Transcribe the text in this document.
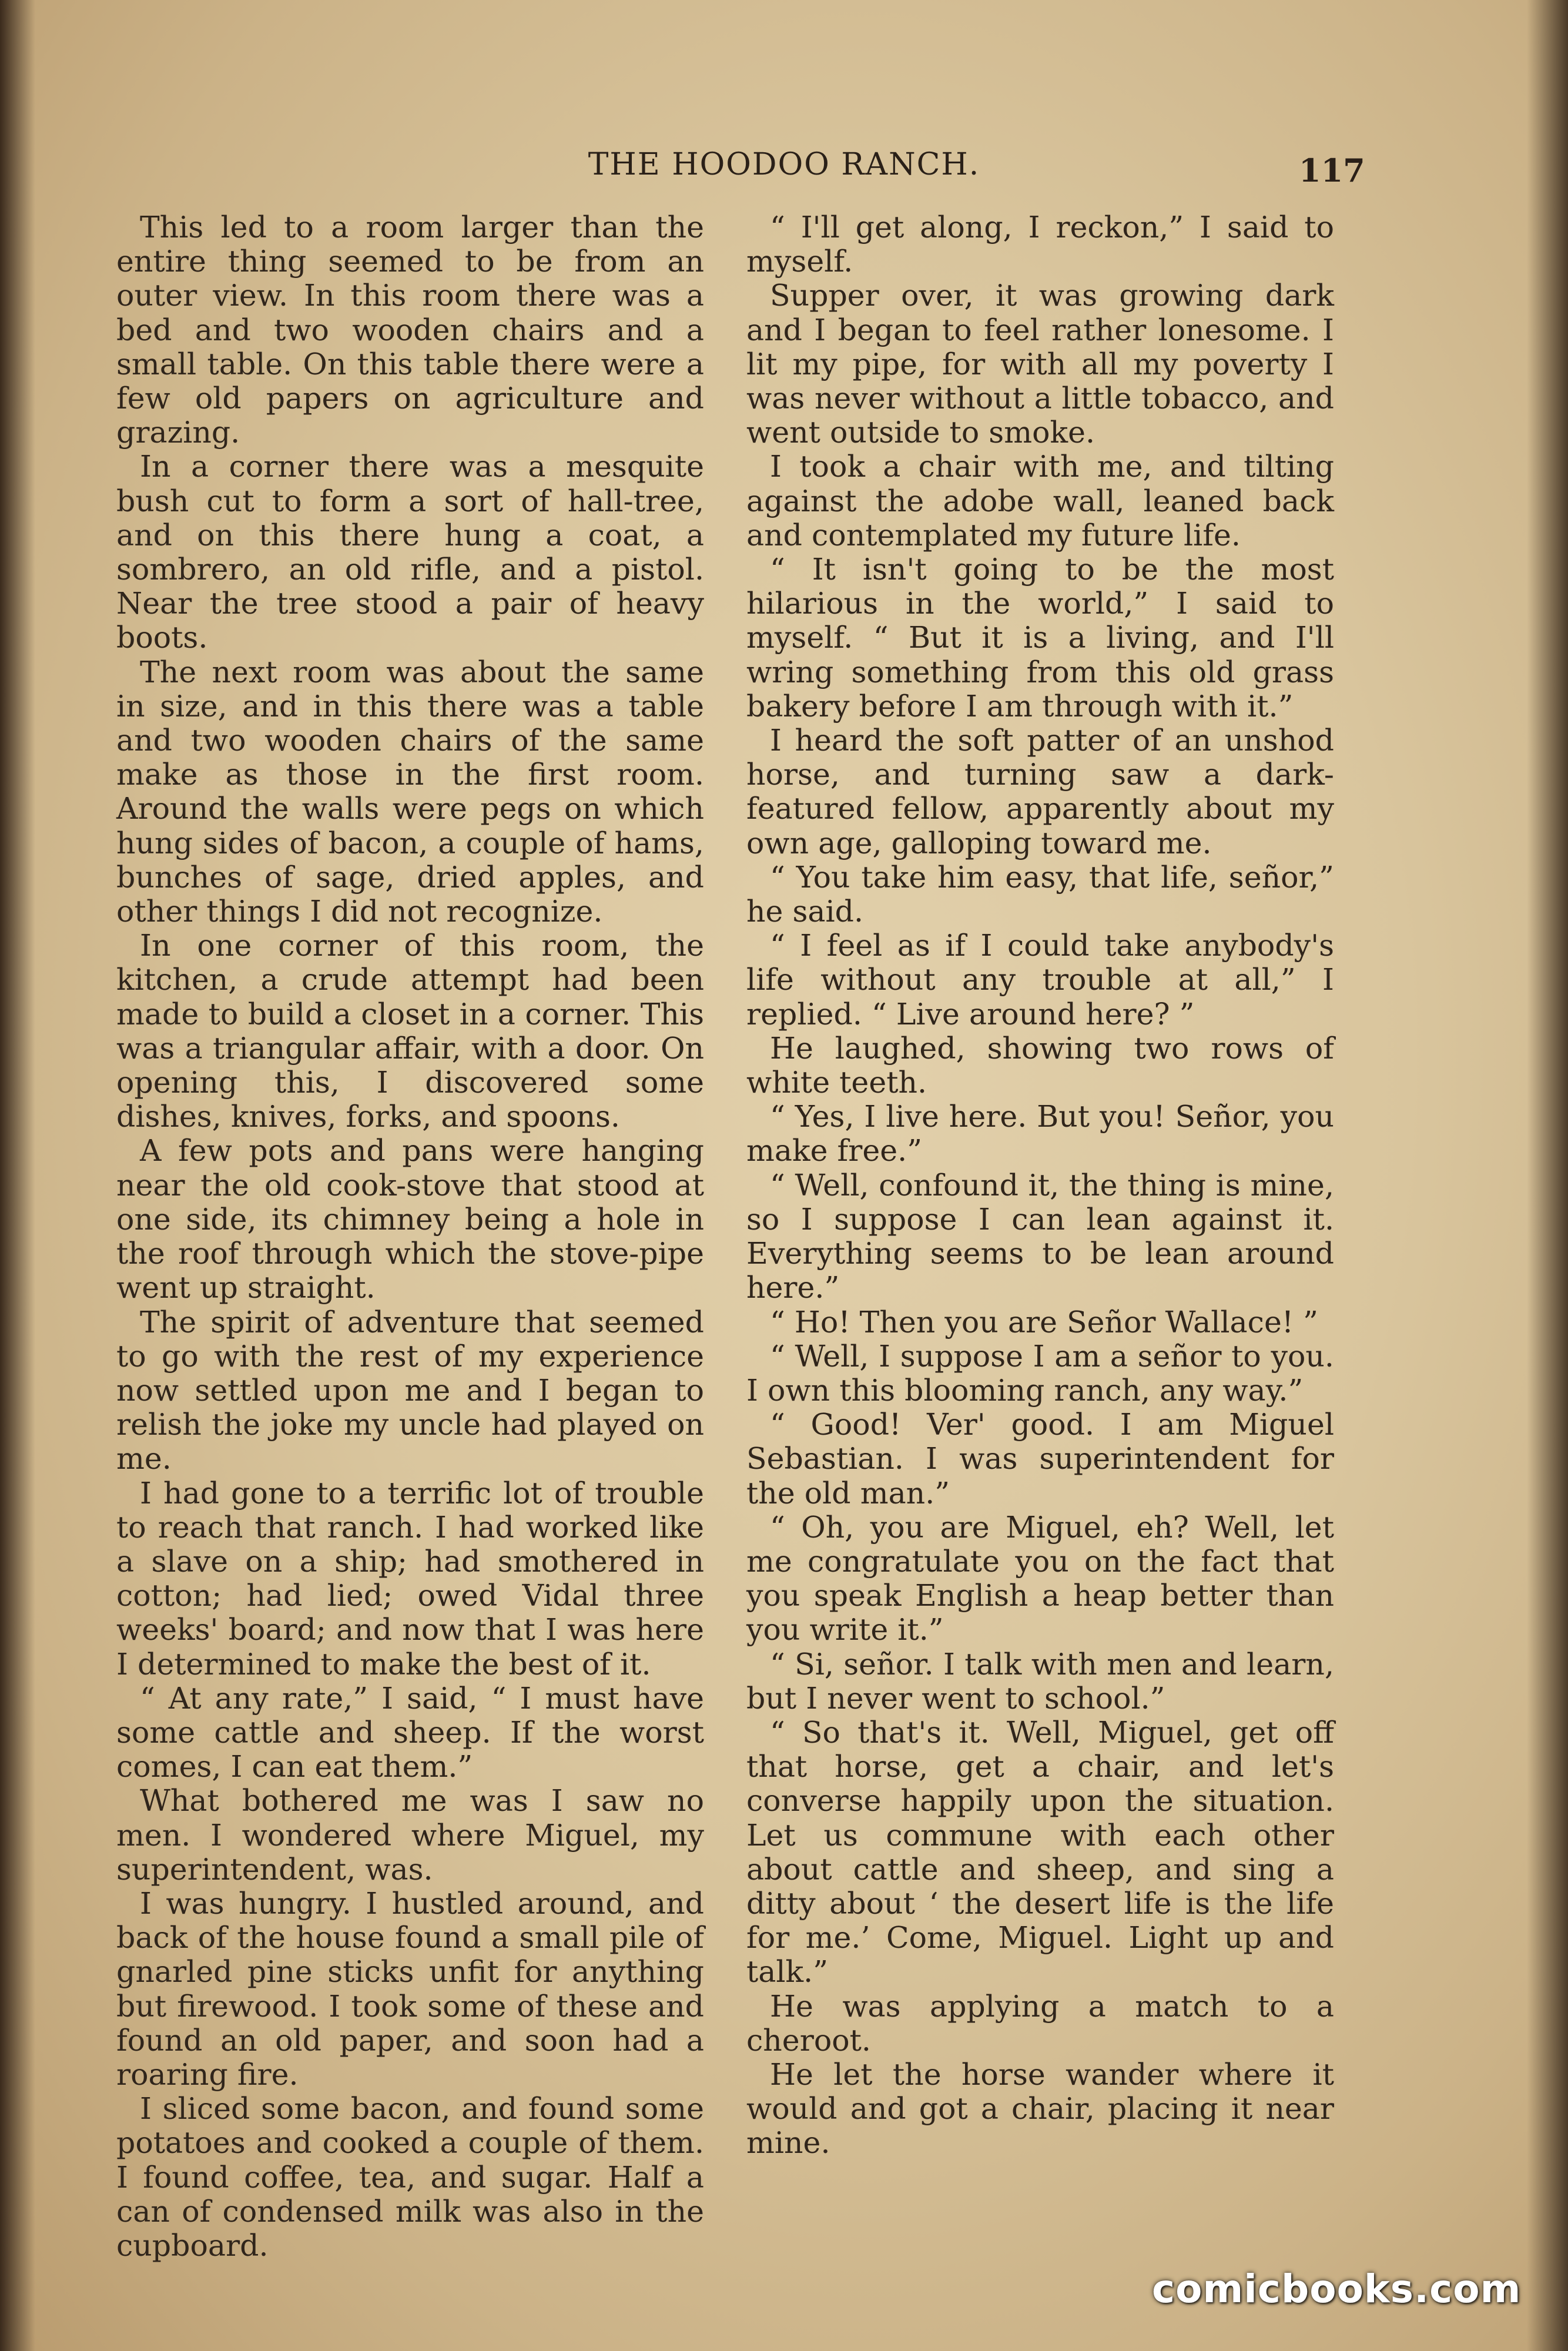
THE HOODOO RANCH.	117

This led to a room larger than the entire thing seemed to be from an outer view. In this room there was a bed and two wooden chairs and a small table. On this table there were a few old papers on agriculture and grazing.

In a corner there was a mesquite bush cut to form a sort of hall-tree, and on this there hung a coat, a sombrero, an old rifle, and a pistol. Near the tree stood a pair of heavy boots.

The next room was about the same in size, and in this there was a table and two wooden chairs of the same make as those in the first room. Around the walls were pegs on which hung sides of bacon, a couple of hams, bunches of sage, dried apples, and other things I did not recognize.

In one corner of this room, the kitchen, a crude attempt had been made to build a closet in a corner. This was a triangular affair, with a door. On opening this, I discovered some dishes, knives, forks, and spoons.

A few pots and pans were hanging near the old cook-stove that stood at one side, its chimney being a hole in the roof through which the stove-pipe went up straight.

The spirit of adventure that seemed to go with the rest of my experience now settled upon me and I began to relish the joke my uncle had played on me.

I had gone to a terrific lot of trouble to reach that ranch. I had worked like a slave on a ship; had smothered in cotton; had lied; owed Vidal three weeks' board; and now that I was here I determined to make the best of it.

“ At any rate,” I said, “ I must have some cattle and sheep. If the worst comes, I can eat them.”

What bothered me was I saw no men. I wondered where Miguel, my superintendent, was.

I was hungry. I hustled around, and back of the house found a small pile of gnarled pine sticks unfit for anything but firewood. I took some of these and found an old paper, and soon had a roaring fire.

I sliced some bacon, and found some potatoes and cooked a couple of them. I found coffee, tea, and sugar. Half a can of condensed milk was also in the cupboard.

“ I'll get along, I reckon,” I said to myself.

Supper over, it was growing dark and I began to feel rather lonesome. I lit my pipe, for with all my poverty I was never without a little tobacco, and went outside to smoke.

I took a chair with me, and tilting against the adobe wall, leaned back and contemplated my future life.

“ It isn't going to be the most hilarious in the world,” I said to myself. “ But it is a living, and I'll wring something from this old grass bakery before I am through with it.”

I heard the soft patter of an unshod horse, and turning saw a dark-featured fellow, apparently about my own age, galloping toward me.

“ You take him easy, that life, señor,” he said.

“ I feel as if I could take anybody's life without any trouble at all,” I replied. “ Live around here? ”

He laughed, showing two rows of white teeth.

“ Yes, I live here. But you! Señor, you make free.”

“ Well, confound it, the thing is mine, so I suppose I can lean against it. Everything seems to be lean around here.”

“ Ho! Then you are Señor Wallace! ”

“ Well, I suppose I am a señor to you. I own this blooming ranch, any way.”

“ Good! Ver' good. I am Miguel Sebastian. I was superintendent for the old man.”

“ Oh, you are Miguel, eh? Well, let me congratulate you on the fact that you speak English a heap better than you write it.”

“ Si, señor. I talk with men and learn, but I never went to school.”

“ So that's it. Well, Miguel, get off that horse, get a chair, and let's converse happily upon the situation. Let us commune with each other about cattle and sheep, and sing a ditty about ‘ the desert life is the life for me.’ Come, Miguel. Light up and talk.”

He was applying a match to a cheroot.

He let the horse wander where it would and got a chair, placing it near mine.

comicbooks.com
